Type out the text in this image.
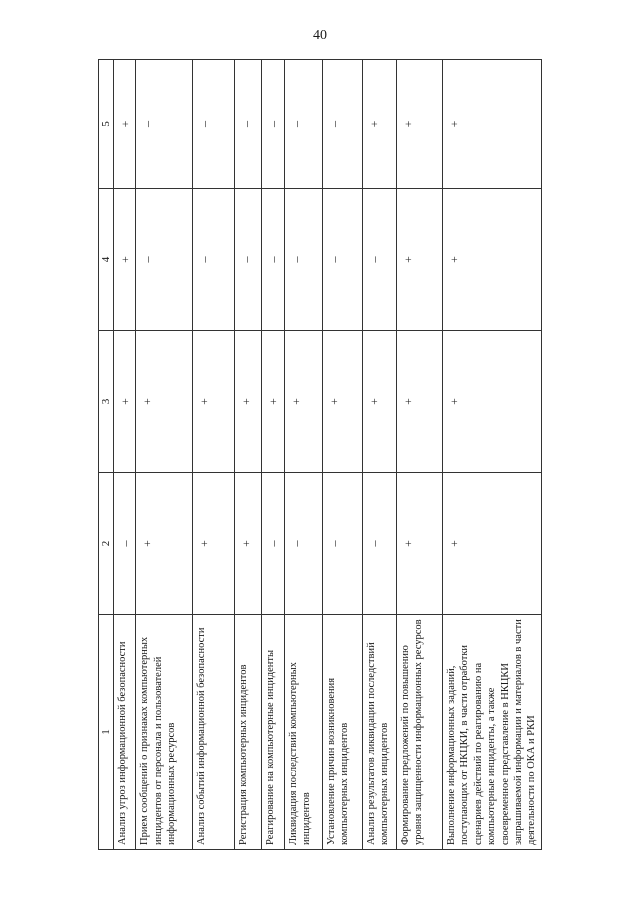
40
1	2	3	4	5
Анализ угроз информационной безопасности	–	+	+	+
Прием сообщений о признаках компьютерных инцидентов от персонала и пользователей информационных ресурсов	+	+	–	–
Анализ событий информационной безопасности	+	+	–	–
Регистрация компьютерных инцидентов	+	+	–	–
Реагирование на компьютерные инциденты	–	+	–	–
Ликвидация последствий компьютерных инцидентов	–	+	–	–
Установление причин возникновения компьютерных инцидентов	–	+	–	–
Анализ результатов ликвидации последствий компьютерных инцидентов	–	+	–	+
Формирование предложений по повышению уровня защищенности информационных ресурсов	+	+	+	+
Выполнение информационных заданий, поступающих от НКЦКИ, в части отработки сценариев действий по реагированию на компьютерные инциденты, а также своевременное представление в НКЦКИ запрашиваемой информации и материалов в части деятельности по ОКА и РКИ	+	+	+	+
